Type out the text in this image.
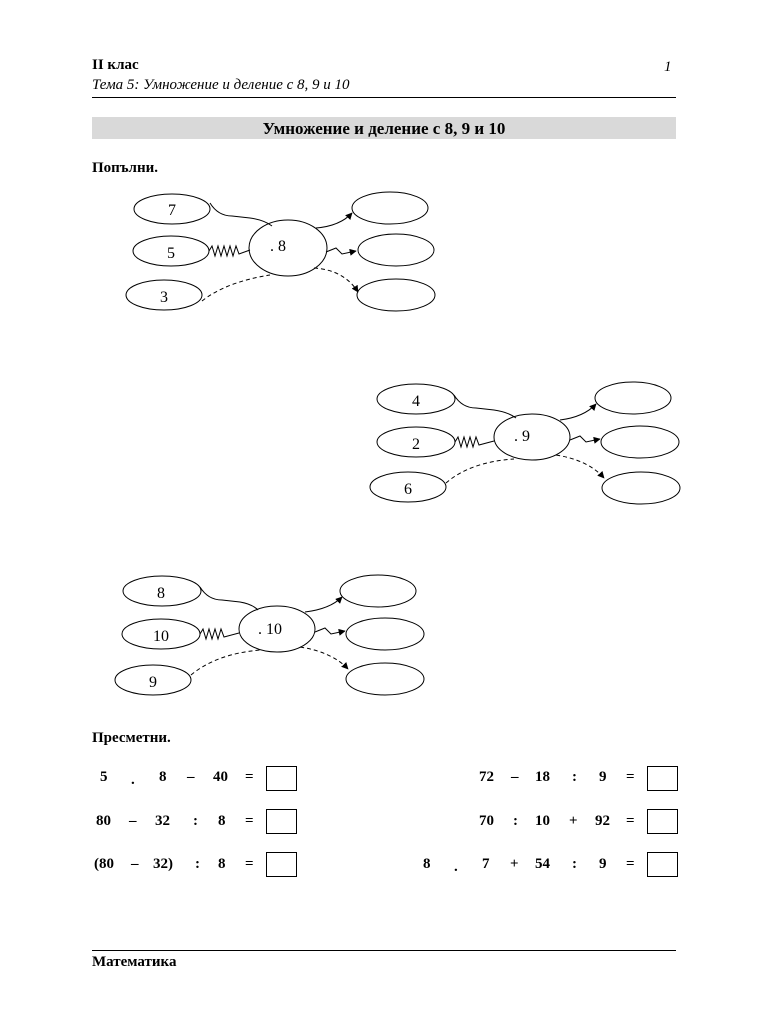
II клас	1
Тема 5: Умножение и деление с 8, 9 и 10
Умножение и деление с 8, 9 и 10
Попълни.
7
5
3
. 8
4
2
6
. 9
8
10
9
. 10
Пресметни.
5 . 8 – 40 =
80 – 32 : 8 =
(80 – 32) : 8 =
72 – 18 : 9 =
70 : 10 + 92 =
8 . 7 + 54 : 9 =
Математика
